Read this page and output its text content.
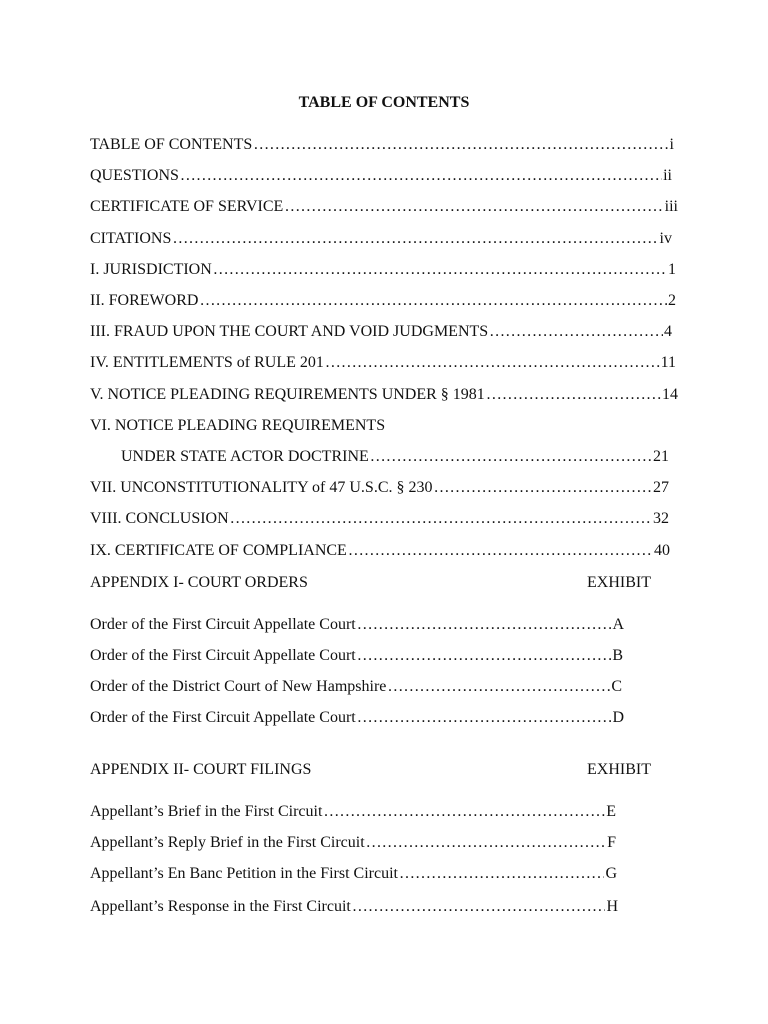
TABLE OF CONTENTS
TABLE OF CONTENTS …………………………………………………………………………………………………………………………………………………………	i
QUESTIONS …………………………………………………………………………………………………………………………………………………………	ii
CERTIFICATE OF SERVICE …………………………………………………………………………………………………………………………………………………………	iii
CITATIONS …………………………………………………………………………………………………………………………………………………………	iv
I. JURISDICTION …………………………………………………………………………………………………………………………………………………………	1
II. FOREWORD …………………………………………………………………………………………………………………………………………………………	2
III. FRAUD UPON THE COURT AND VOID JUDGMENTS …………………………………………………………………………………………………………………………………………………………	4
IV. ENTITLEMENTS of RULE 201 …………………………………………………………………………………………………………………………………………………………	11
V. NOTICE PLEADING REQUIREMENTS UNDER § 1981 …………………………………………………………………………………………………………………………………………………………	14
VI. NOTICE PLEADING REQUIREMENTS
UNDER STATE ACTOR DOCTRINE …………………………………………………………………………………………………………………………………………………………	21
VII. UNCONSTITUTIONALITY of 47 U.S.C. § 230 …………………………………………………………………………………………………………………………………………………………	27
VIII. CONCLUSION …………………………………………………………………………………………………………………………………………………………	32
IX. CERTIFICATE OF COMPLIANCE …………………………………………………………………………………………………………………………………………………………	40
APPENDIX I- COURT ORDERS	EXHIBIT
Order of the First Circuit Appellate Court …………………………………………………………………………………………………………………………………………………………	A
Order of the First Circuit Appellate Court …………………………………………………………………………………………………………………………………………………………	B
Order of the District Court of New Hampshire …………………………………………………………………………………………………………………………………………………………	C
Order of the First Circuit Appellate Court …………………………………………………………………………………………………………………………………………………………	D
APPENDIX II- COURT FILINGS	EXHIBIT
Appellant’s Brief in the First Circuit …………………………………………………………………………………………………………………………………………………………	E
Appellant’s Reply Brief in the First Circuit …………………………………………………………………………………………………………………………………………………………	F
Appellant’s En Banc Petition in the First Circuit …………………………………………………………………………………………………………………………………………………………	G
Appellant’s Response in the First Circuit …………………………………………………………………………………………………………………………………………………………	H
